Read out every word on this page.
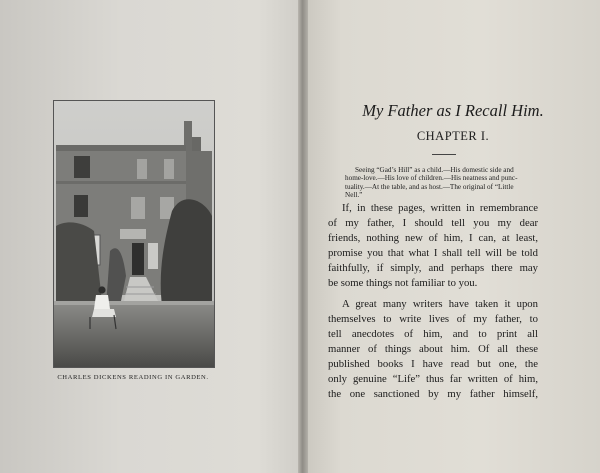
CHARLES DICKENS READING IN GARDEN.
My Father as I Recall Him.
CHAPTER I.
Seeing “Gad’s Hill” as a child.—His domestic side and
home-love.—His love of children.—His neatness and punc-
tuality.—At the table, and as host.—The original of “Little
Nell.”
If, in these pages, written in remembrance
of my father, I should tell you my dear
friends, nothing new of him, I can, at least,
promise you that what I shall tell will be told
faithfully, if simply, and perhaps there may
be some things not familiar to you.
A great many writers have taken it upon
themselves to write lives of my father, to
tell anecdotes of him, and to print all
manner of things about him. Of all these
published books I have read but one, the
only genuine “Life” thus far written of him,
the one sanctioned by my father himself,
